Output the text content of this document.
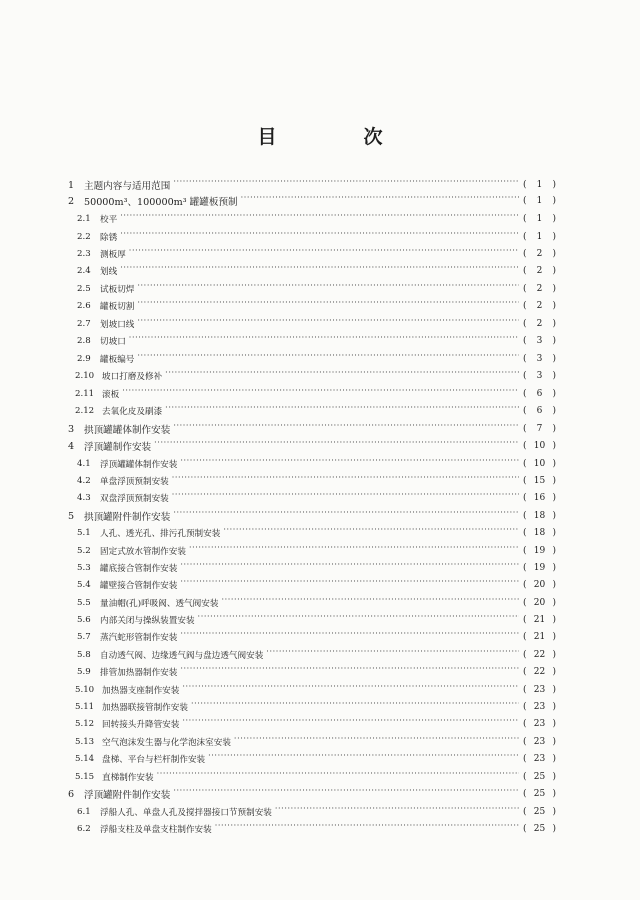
目　次
1	主题内容与适用范围 ·····	( 1 )
2	50000m³、100000m³ 罐罐板预制 ·····	( 1 )
2.1	校平 ·····	( 1 )
2.2	除锈 ·····	( 1 )
2.3	测板厚 ·····	( 2 )
2.4	划线 ·····	( 2 )
2.5	试板切焊 ·····	( 2 )
2.6	罐板切割 ·····	( 2 )
2.7	划坡口线 ·····	( 2 )
2.8	切坡口 ·····	( 3 )
2.9	罐板编号 ·····	( 3 )
2.10 坡口打磨及修补 ·····	( 3 )
2.11 滚板 ·····	( 6 )
2.12 去氧化皮及刷漆 ·····	( 6 )
3	拱顶罐罐体制作安装 ·····	( 7 )
4	浮顶罐制作安装 ·····	( 10 )
4.1	浮顶罐罐体制作安装 ·····	( 10 )
4.2	单盘浮顶预制安装 ·····	( 15 )
4.3	双盘浮顶预制安装 ·····	( 16 )
5	拱顶罐附件制作安装 ·····	( 18 )
5.1	人孔、透光孔、排污孔预制安装 ·····	( 18 )
5.2	固定式放水管制作安装 ·····	( 19 )
5.3	罐底接合管制作安装 ·····	( 19 )
5.4	罐壁接合管制作安装 ·····	( 20 )
5.5	量油帽(孔)呼吸阀、透气阀安装 ·····	( 20 )
5.6	内部关闭与操纵装置安装 ·····	( 21 )
5.7	蒸汽蛇形管制作安装 ·····	( 21 )
5.8	自动透气阀、边缘透气阀与盘边透气阀安装 ·····	( 22 )
5.9	排管加热器制作安装 ·····	( 22 )
5.10 加热器支座制作安装 ·····	( 23 )
5.11 加热器联接管制作安装 ·····	( 23 )
5.12 回转接头升降管安装 ·····	( 23 )
5.13 空气泡沫发生器与化学泡沫室安装 ·····	( 23 )
5.14 盘梯、平台与栏杆制作安装 ·····	( 23 )
5.15 直梯制作安装 ·····	( 25 )
6	浮顶罐附件制作安装 ·····	( 25 )
6.1	浮船人孔、单盘人孔及搅拌器接口节预制安装 ·····	( 25 )
6.2	浮船支柱及单盘支柱制作安装 ·····	( 25 )
